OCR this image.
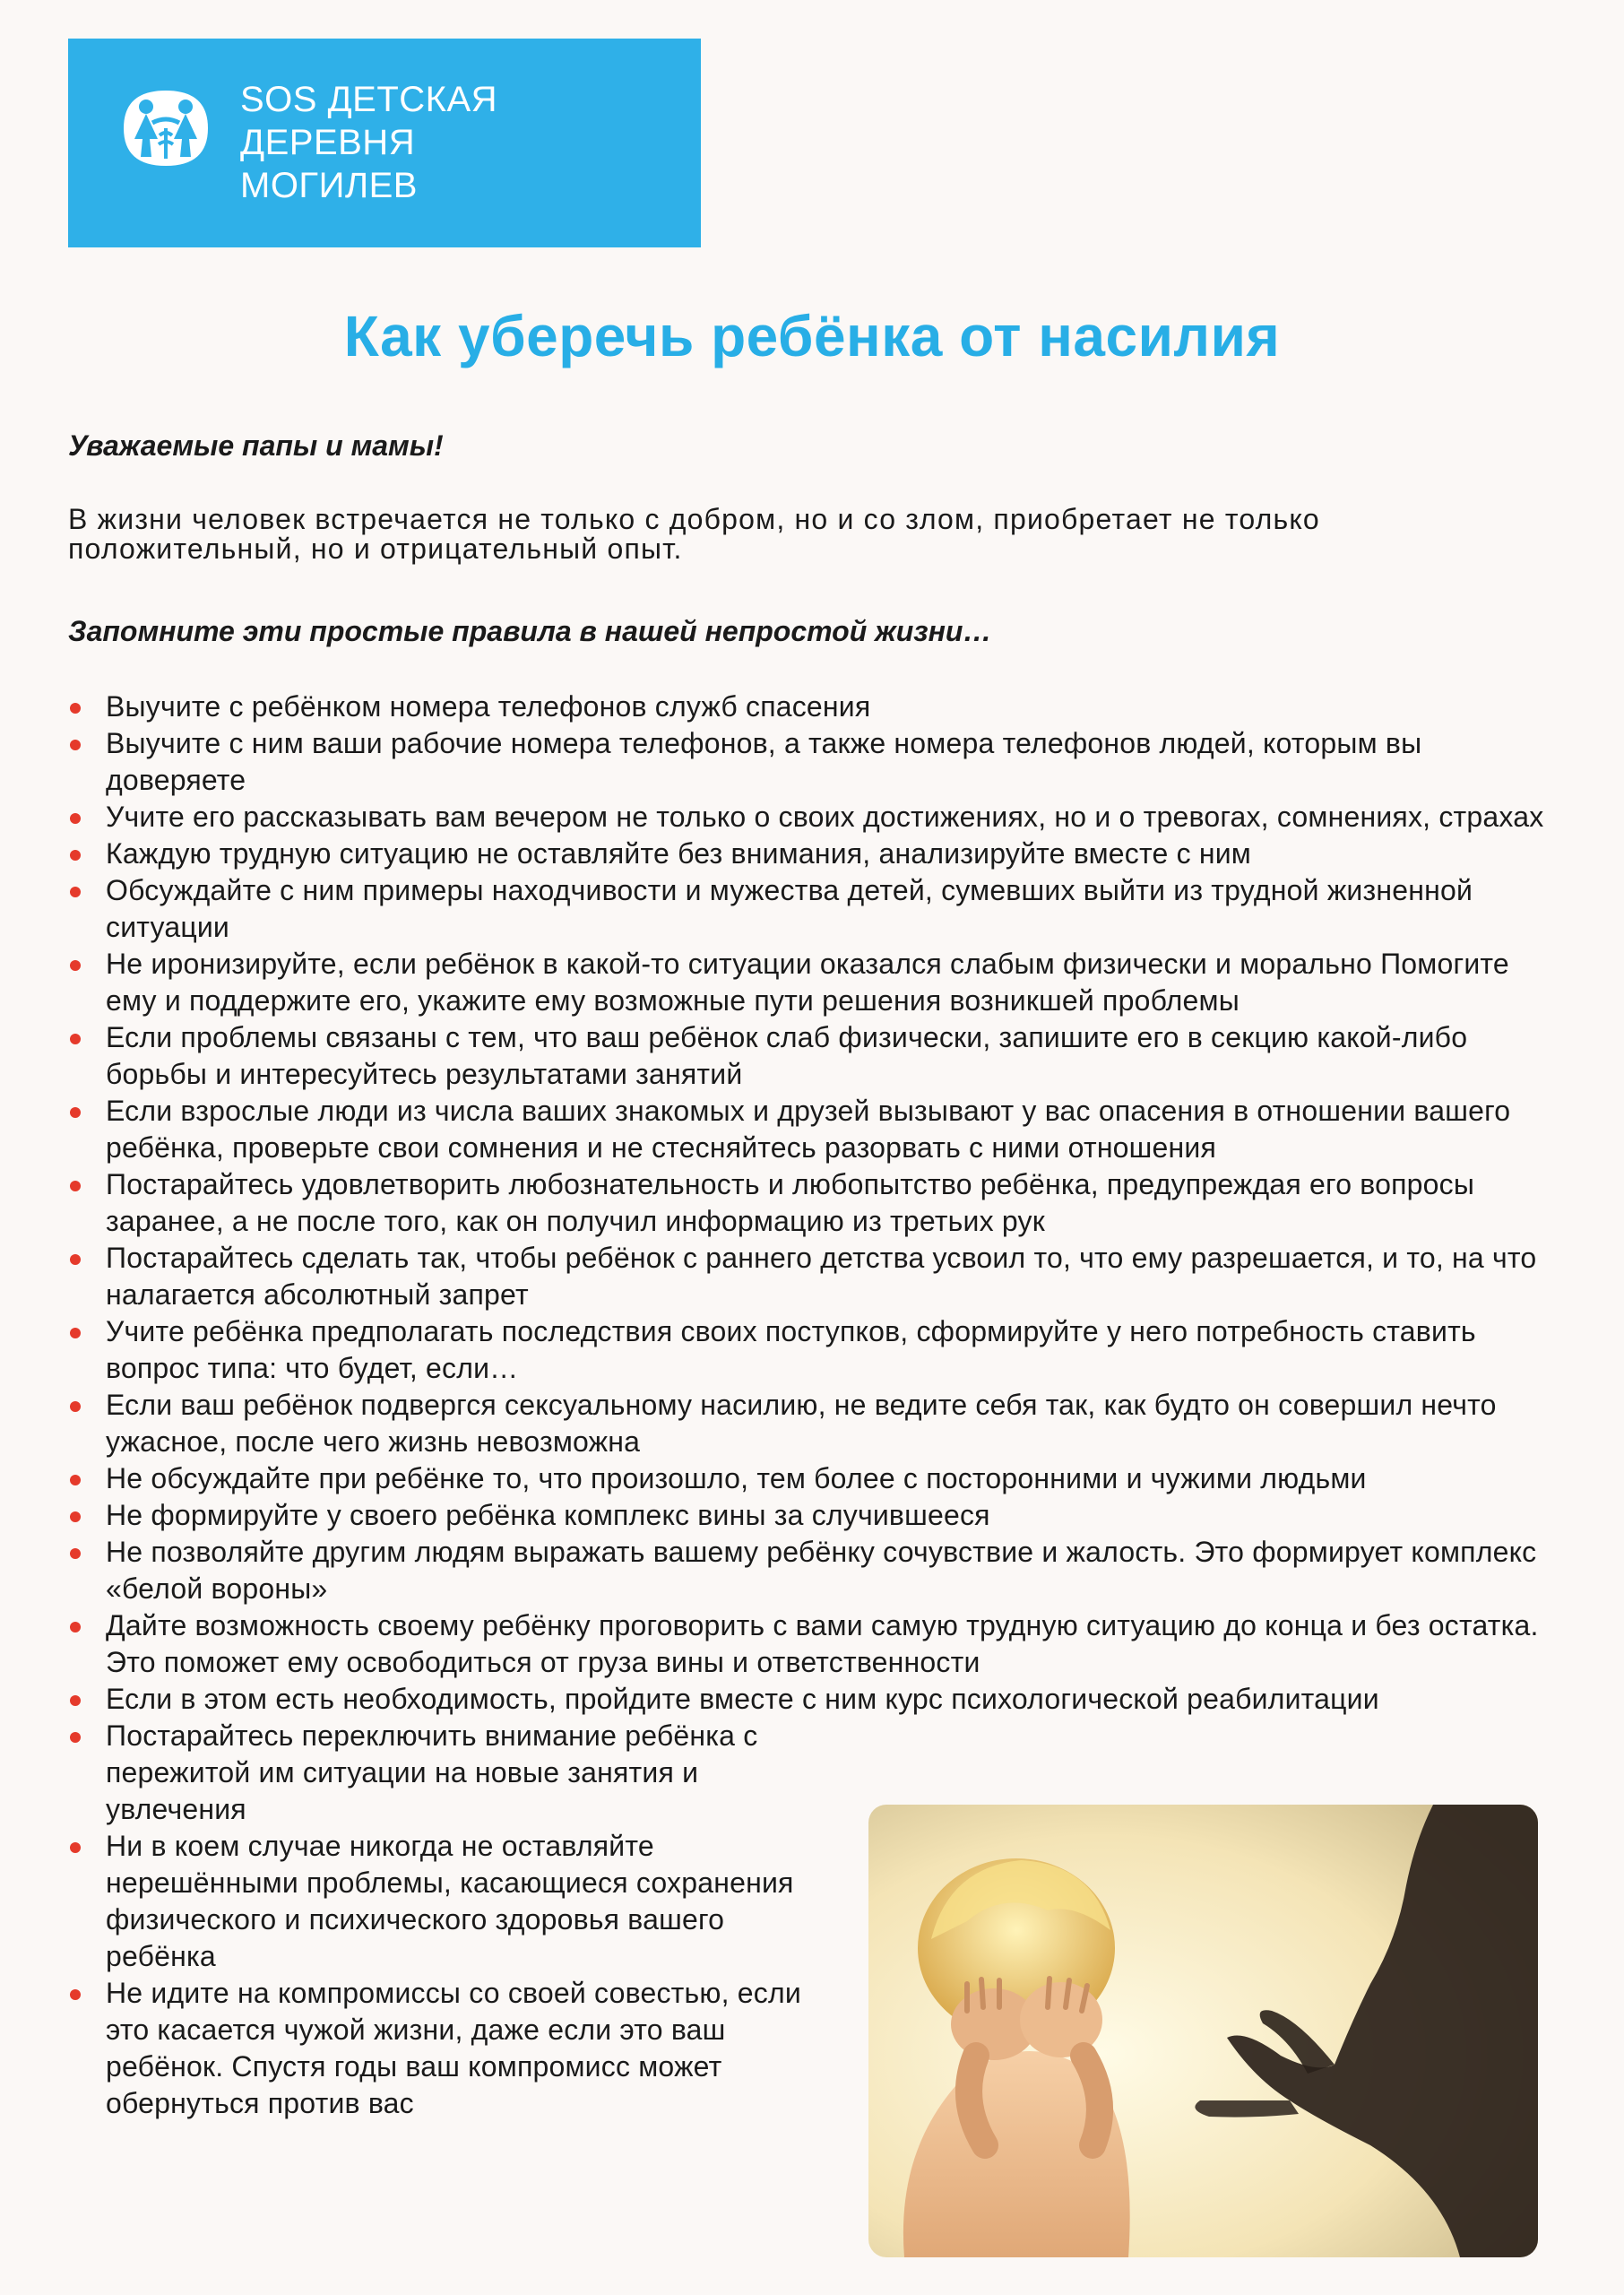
SOS ДЕТСКАЯ
ДЕРЕВНЯ
МОГИЛЕВ
Как уберечь ребёнка от насилия
Уважаемые папы и мамы!
В жизни человек встречается не только с добром, но и со злом, приобретает не только положительный, но и отрицательный опыт.
Запомните эти простые правила в нашей непростой жизни…
Выучите с ребёнком номера телефонов служб спасения
Выучите с ним ваши рабочие номера телефонов, а также номера телефонов людей, которым вы доверяете
Учите его рассказывать вам вечером не только о своих достижениях, но и о тревогах, сомнениях, страхах
Каждую трудную ситуацию не оставляйте без внимания, анализируйте вместе с ним
Обсуждайте с ним примеры находчивости и мужества детей, сумевших выйти из трудной жизненной ситуации
Не иронизируйте, если ребёнок в какой-то ситуации оказался слабым физически и морально Помогите ему и поддержите его, укажите ему возможные пути решения возникшей проблемы
Если проблемы связаны с тем, что ваш ребёнок слаб физически, запишите его в секцию какой-либо борьбы и интересуйтесь результатами занятий
Если взрослые люди из числа ваших знакомых и друзей вызывают у вас опасения в отношении вашего ребёнка, проверьте свои сомнения и не стесняйтесь разорвать с ними отношения
Постарайтесь удовлетворить любознательность и любопытство ребёнка, предупреждая его вопросы заранее, а не после того, как он получил информацию из третьих рук
Постарайтесь сделать так, чтобы ребёнок с раннего детства усвоил то, что ему разрешается, и то, на что налагается абсолютный запрет
Учите ребёнка предполагать последствия своих поступков, сформируйте у него потребность ставить вопрос типа: что будет, если…
Если ваш ребёнок подвергся сексуальному насилию, не ведите себя так, как будто он совершил нечто ужасное, после чего жизнь невозможна
Не обсуждайте при ребёнке то, что произошло, тем более с посторонними и чужими людьми
Не формируйте у своего ребёнка комплекс вины за случившееся
Не позволяйте другим людям выражать вашему ребёнку сочувствие и жалость. Это формирует комплекс «белой вороны»
Дайте возможность своему ребёнку проговорить с вами самую трудную ситуацию до конца и без остатка. Это поможет ему освободиться от груза вины и ответственности
Если в этом есть необходимость, пройдите вместе с ним курс психологической реабилитации
Постарайтесь переключить внимание ребёнка с пережитой им ситуации на новые занятия и увлечения
Ни в коем случае никогда не оставляйте нерешёнными проблемы, касающиеся сохранения физического и психического здоровья вашего ребёнка
Не идите на компромиссы со своей совестью, если это касается чужой жизни, даже если это ваш ребёнок. Спустя годы ваш компромисс может обернуться против вас
